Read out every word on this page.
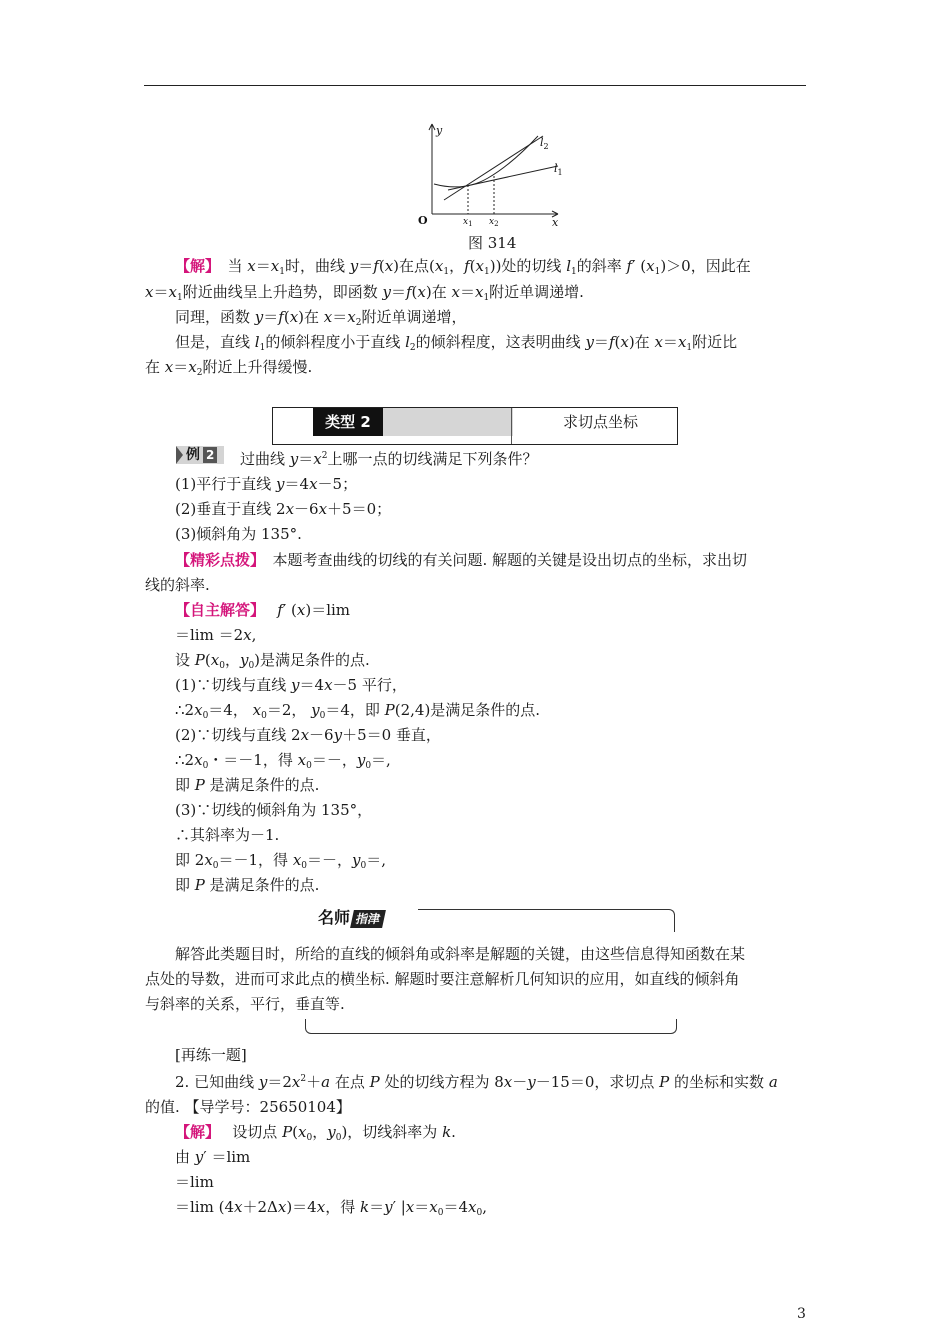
y
x
O
$l_2$
$l_1$
$x_1$ $x_2$
图 314
【解】　当 $x=x_1$时，曲线 y＝f(x)在点($x_1$，$f(x_1)$)处的切线 $l_1$的斜率 f′ $(x_1)>0$，因此在
$x=x_1$附近曲线呈上升趋势，即函数 y＝f(x)在 $x=x_1$附近单调递增.
同理，函数 y＝f(x)在 $x=x_2$附近单调递增，
但是，直线 $l_1$的倾斜程度小于直线 $l_2$的倾斜程度，这表明曲线 y＝f(x)在 $x=x_1$附近比
在 $x=x_2$附近上升得缓慢.
类型 2	求切点坐标
例 2	过曲线 $y=x^2$上哪一点的切线满足下列条件？
(1)平行于直线 y＝4x－5；
(2)垂直于直线 2x－6x＋5＝0；
(3)倾斜角为 135°.
【精彩点拨】　本题考查曲线的切线的有关问题. 解题的关键是设出切点的坐标，求出切
线的斜率.
【自主解答】　 f′ (x)＝lim
＝lim ＝2x,
设 $P(x_0$，$y_0$)是满足条件的点.
(1)∵切线与直线 y＝4x－5 平行，
$\therefore 2x_0=4$， $x_0=2$， $y_0=4$，即 P(2,4)是满足条件的点.
(2)∵切线与直线 2x－6y＋5＝0 垂直，
$\therefore 2x_0$・＝－1，得 $x_0=-$，$y_0=$,
即 P 是满足条件的点.
(3)∵切线的倾斜角为 135°，
∴其斜率为－1.
即 $2x_0=-1$，得 $x_0=-$，$y_0=$,
即 P 是满足条件的点.
名师 指津
解答此类题目时，所给的直线的倾斜角或斜率是解题的关键，由这些信息得知函数在某
点处的导数，进而可求此点的横坐标. 解题时要注意解析几何知识的应用，如直线的倾斜角
与斜率的关系，平行，垂直等.
[再练一题]
2. 已知曲线 $y=2x^2+a$ 在点 P 处的切线方程为 8x－y－15＝0，求切点 P 的坐标和实数 a
的值. 【导学号：25650104】
【解】　 设切点 $P(x_0$，$y_0$)，切线斜率为 k.
由 y′ ＝lim
＝lim
＝lim (4x＋2Δx)＝4x，得 k＝y′ $|x=x_0=4x_0$,
3
